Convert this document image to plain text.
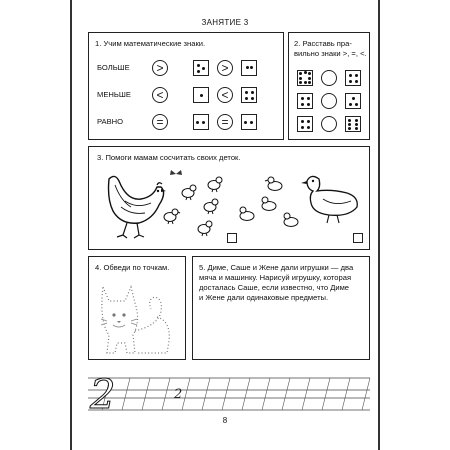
ЗАНЯТИЕ 3
1. Учим математические знаки.
БОЛЬШЕ	>	>
МЕНЬШЕ	<	<
РАВНО	=	=
2. Расставь пра-
вильно знаки >, =, <.
3. Помоги мамам сосчитать своих деток.
4. Обведи по точкам.	5. Диме, Саше и Жене дали игрушки — два
мяча и машинку. Нарисуй игрушку, которая
досталась Саше, если известно, что Диме
и Жене дали одинаковые предметы.
2	2
8
